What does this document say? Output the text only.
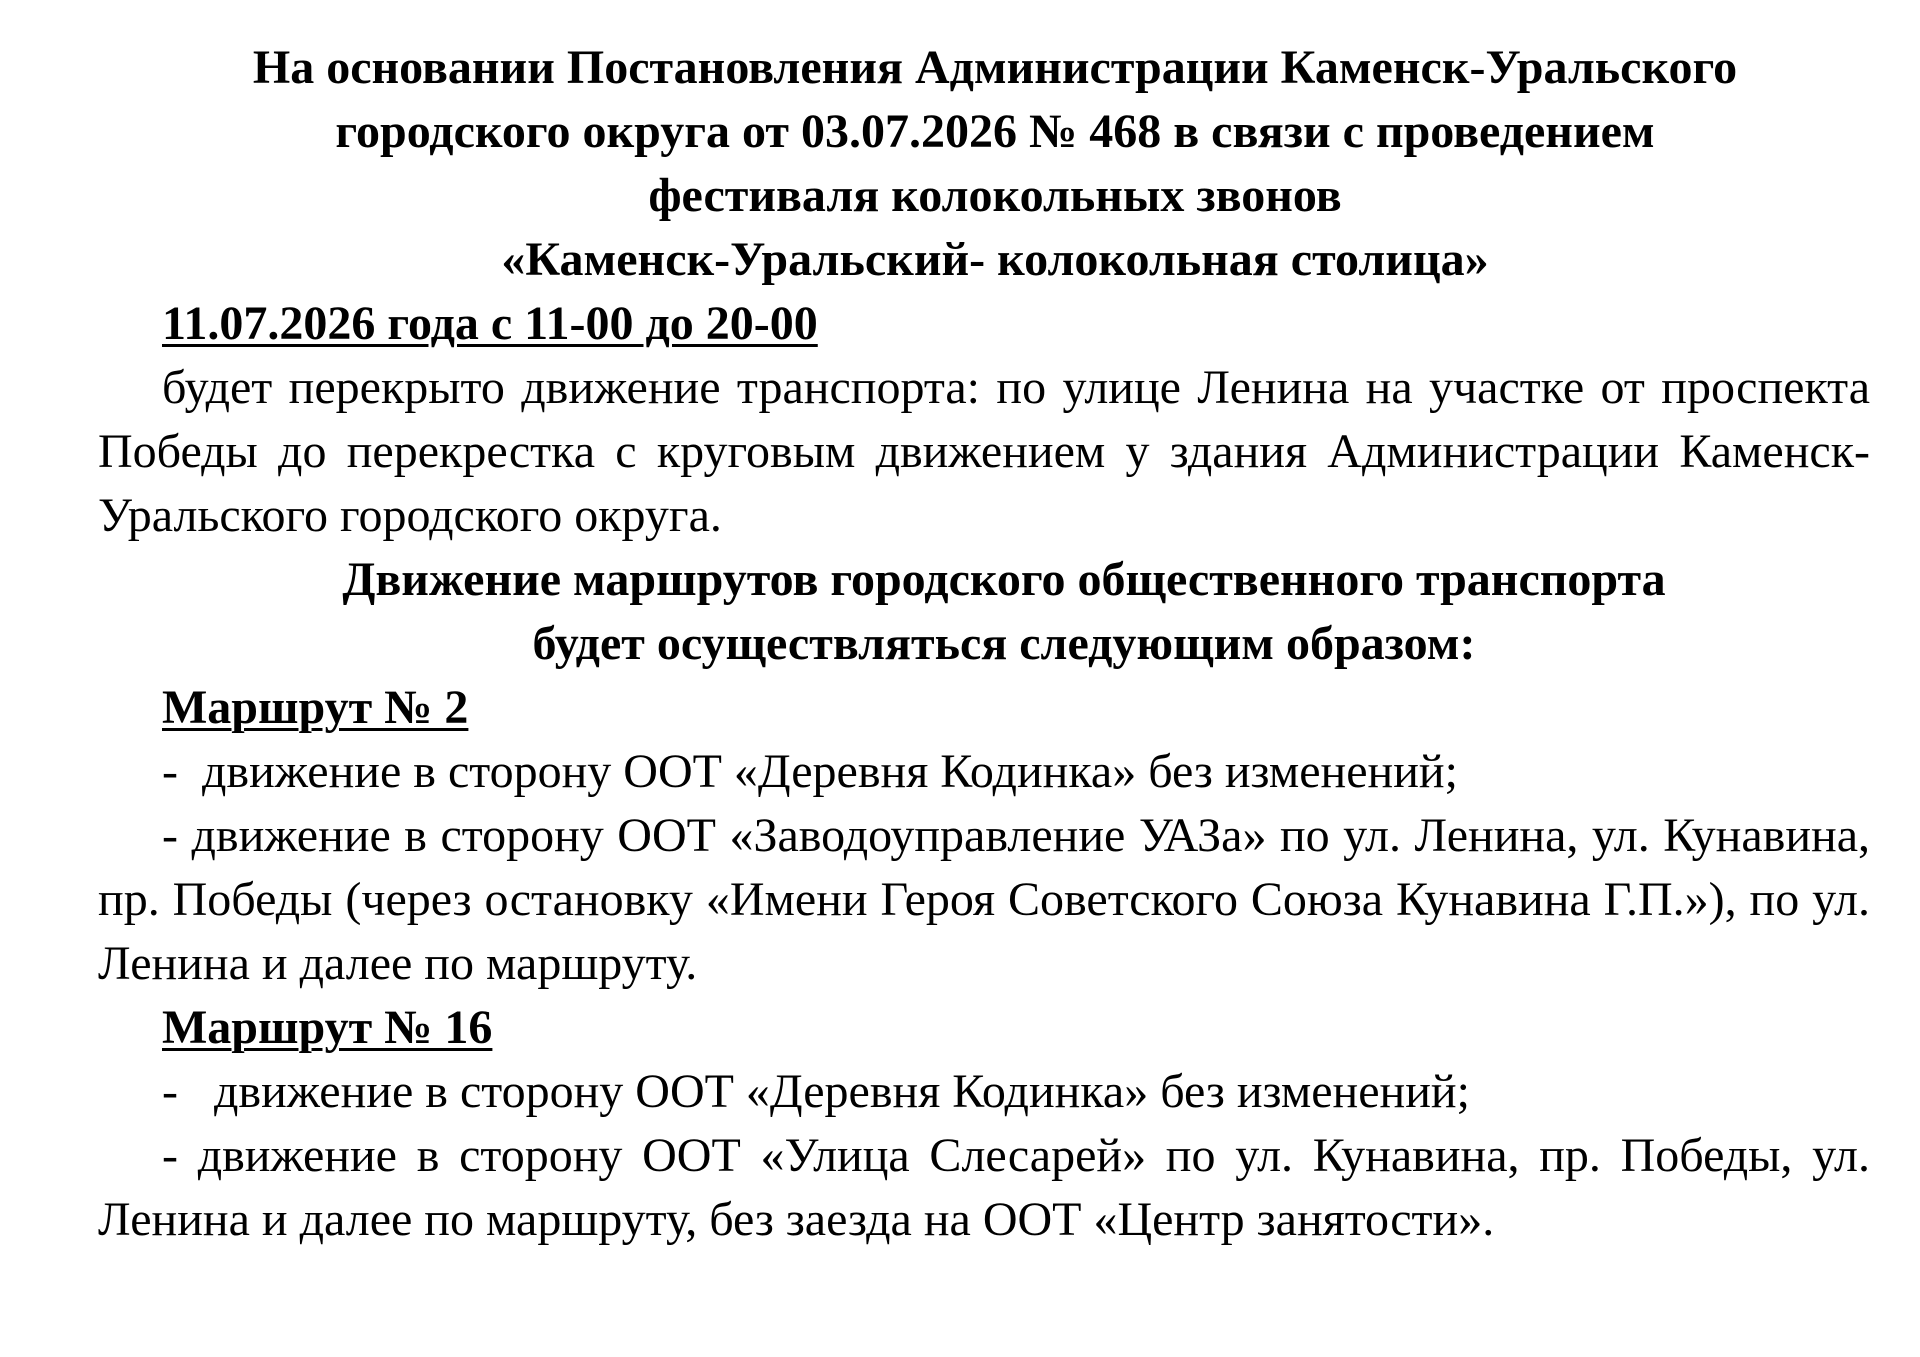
На основании Постановления Администрации Каменск-Уральского

городского округа от 03.07.2026 № 468 в связи с проведением

фестиваля колокольных звонов

«Каменск-Уральский- колокольная столица»

11.07.2026 года с 11-00 до 20-00

будет перекрыто движение транспорта: по улице Ленина на участке от проспекта Победы до перекрестка с круговым движением у здания Администрации Каменск-Уральского городского округа.

Движение маршрутов городского общественного транспорта

будет осуществляться следующим образом:

Маршрут № 2

-  движение в сторону ООТ «Деревня Кодинка» без изменений;

- движение в сторону ООТ «Заводоуправление УАЗа» по ул. Ленина, ул. Кунавина, пр. Победы (через остановку «Имени Героя Советского Союза Кунавина Г.П.»), по ул. Ленина и далее по маршруту.

Маршрут № 16

-   движение в сторону ООТ «Деревня Кодинка» без изменений;

- движение в сторону ООТ «Улица Слесарей» по ул. Кунавина, пр. Победы, ул. Ленина и далее по маршруту, без заезда на ООТ «Центр занятости».
